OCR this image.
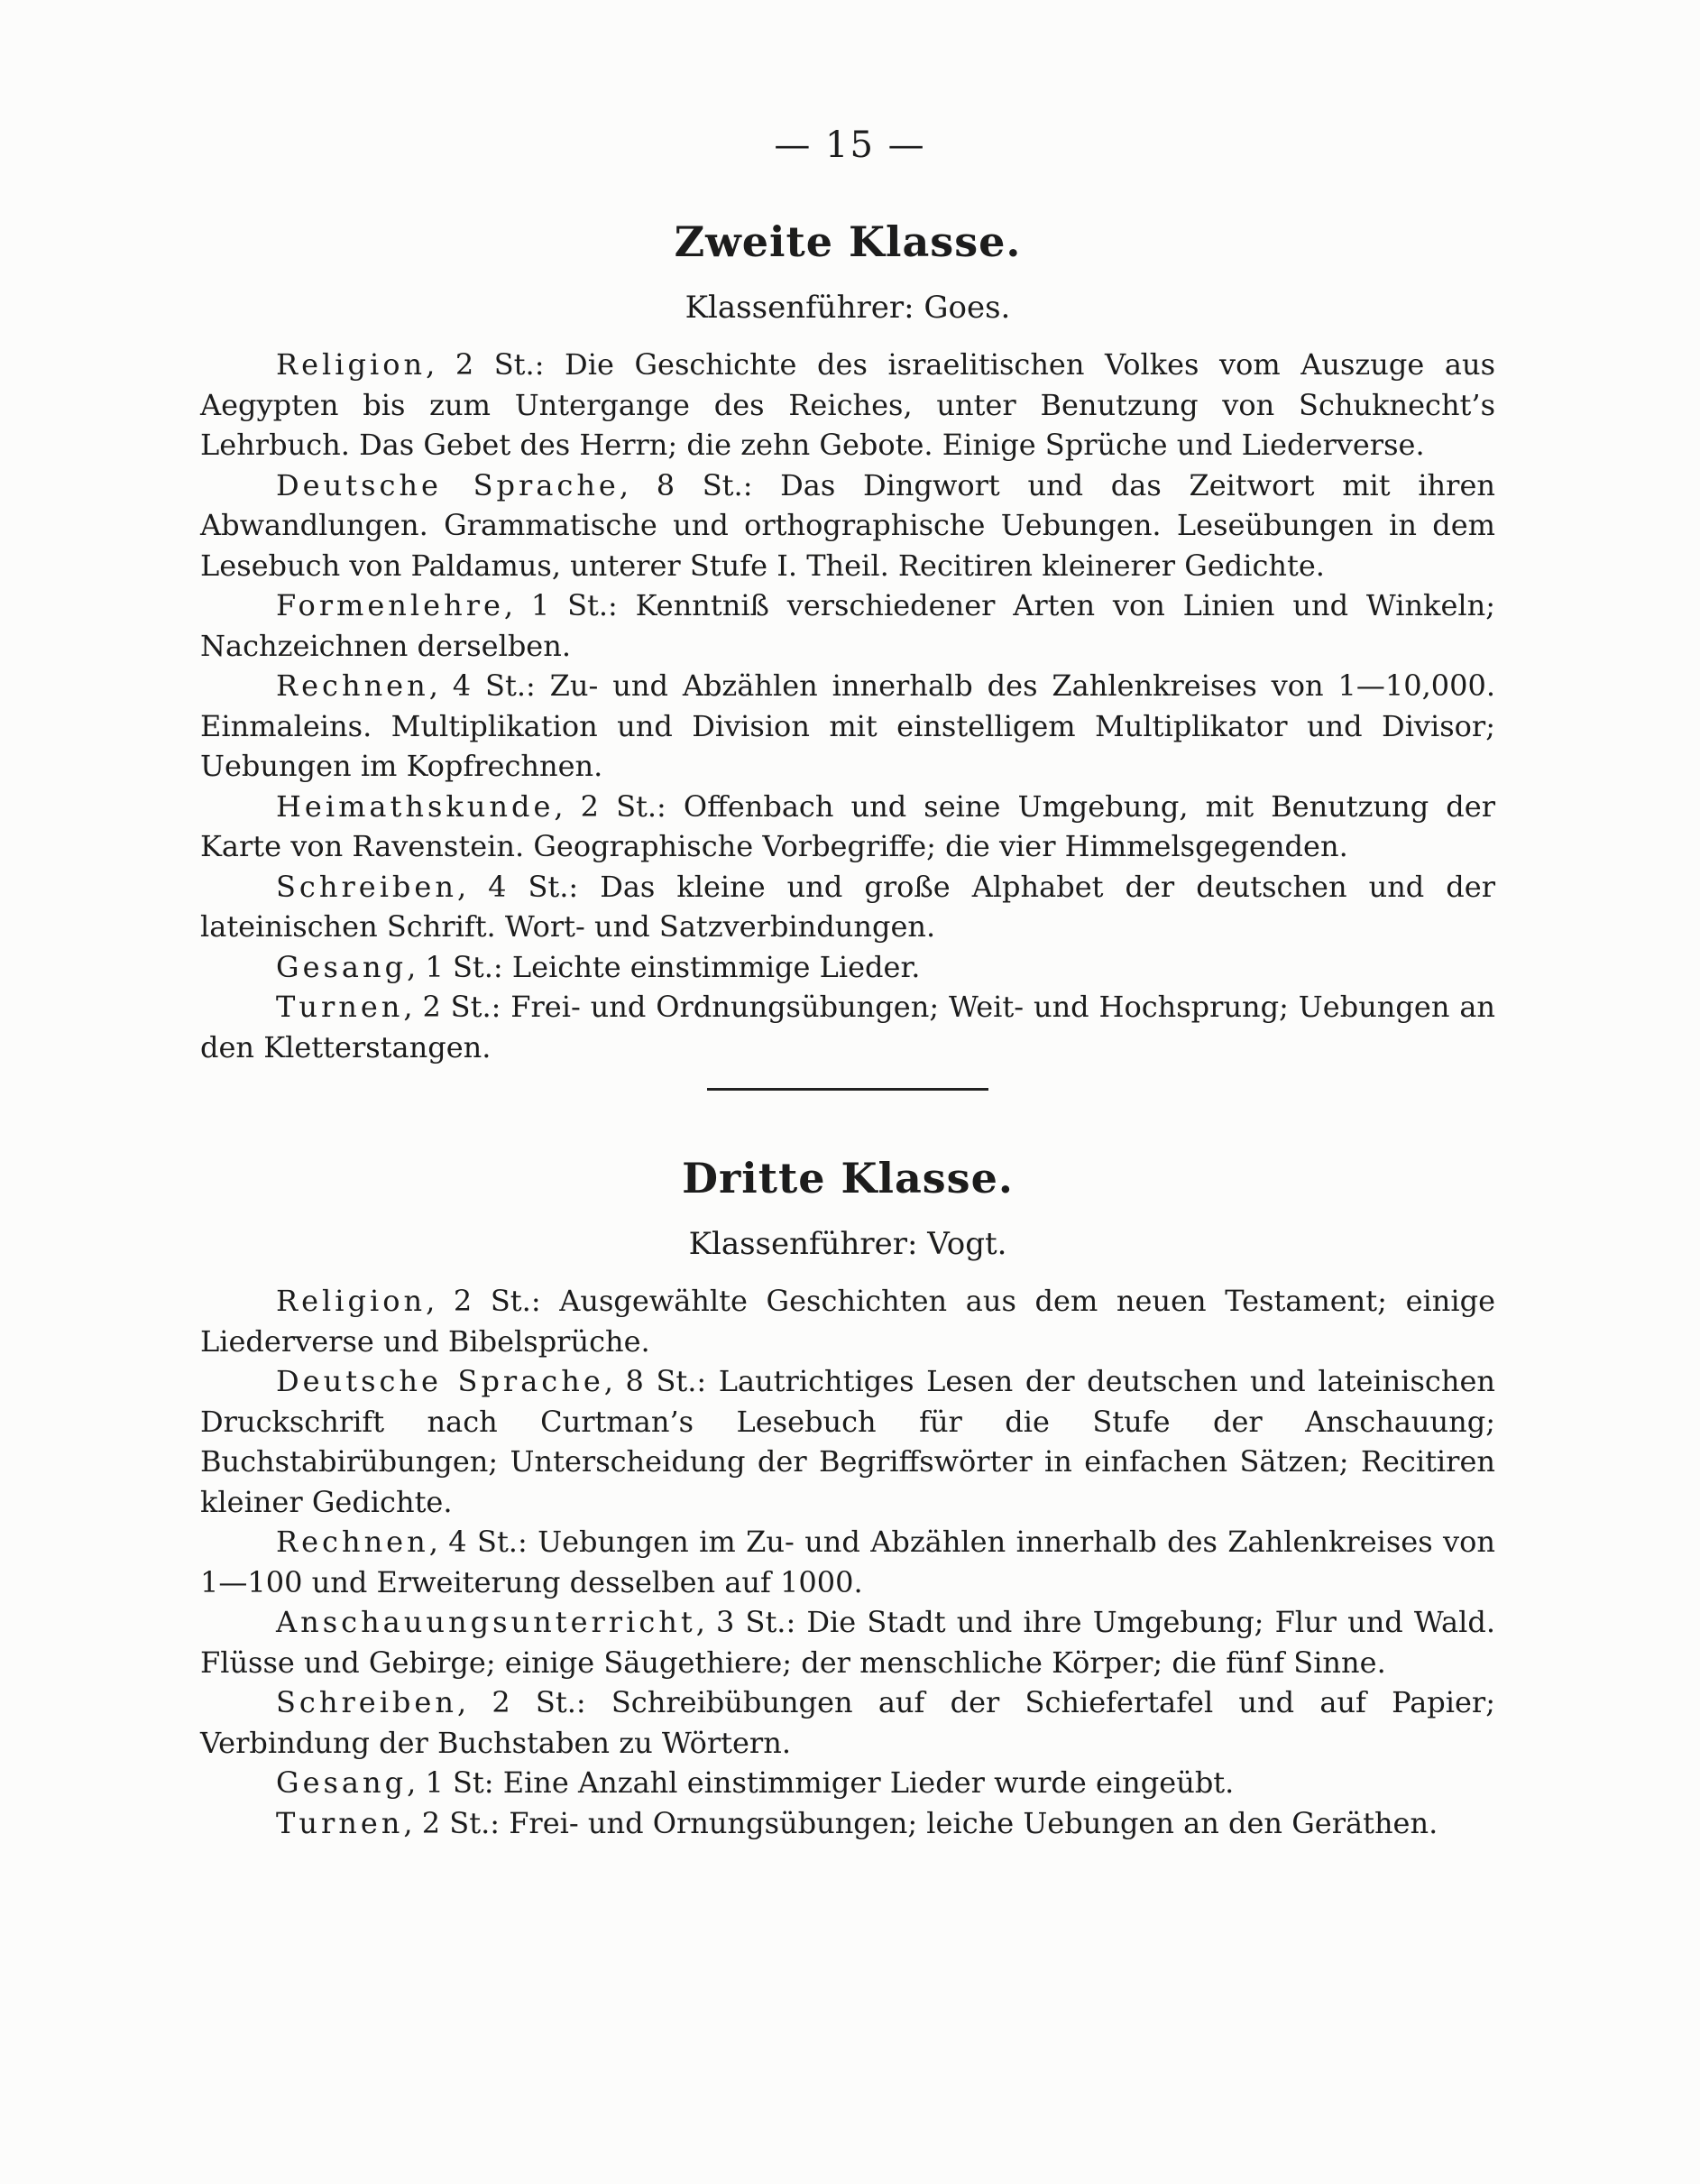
— 15 —
Zweite Klasse.
Klassenführer: Goes.

Religion, 2 St.: Die Geschichte des israelitischen Volkes vom Auszuge aus Aegypten bis zum Untergange des Reiches, unter Benutzung von Schuknecht’s Lehrbuch. Das Gebet des Herrn; die zehn Gebote. Einige Sprüche und Liederverse.

Deutsche Sprache, 8 St.: Das Dingwort und das Zeitwort mit ihren Abwandlungen. Grammatische und orthographische Uebungen. Leseübungen in dem Lesebuch von Paldamus, unterer Stufe I. Theil. Recitiren kleinerer Gedichte.

Formenlehre, 1 St.: Kenntniß verschiedener Arten von Linien und Winkeln; Nachzeichnen derselben.

Rechnen, 4 St.: Zu- und Abzählen innerhalb des Zahlenkreises von 1—10,000. Einmaleins. Multiplikation und Division mit einstelligem Multiplikator und Divisor; Uebungen im Kopfrechnen.

Heimathskunde, 2 St.: Offenbach und seine Umgebung, mit Benutzung der Karte von Ravenstein. Geographische Vorbegriffe; die vier Himmelsgegenden.

Schreiben, 4 St.: Das kleine und große Alphabet der deutschen und der lateinischen Schrift. Wort- und Satzverbindungen.

Gesang, 1 St.: Leichte einstimmige Lieder.

Turnen, 2 St.: Frei- und Ordnungsübungen; Weit- und Hochsprung; Uebungen an den Kletterstangen.

Dritte Klasse.
Klassenführer: Vogt.

Religion, 2 St.: Ausgewählte Geschichten aus dem neuen Testament; einige Liederverse und Bibelsprüche.

Deutsche Sprache, 8 St.: Lautrichtiges Lesen der deutschen und lateinischen Druckschrift nach Curtman’s Lesebuch für die Stufe der Anschauung; Buchstabirübungen; Unterscheidung der Begriffswörter in einfachen Sätzen; Recitiren kleiner Gedichte.

Rechnen, 4 St.: Uebungen im Zu- und Abzählen innerhalb des Zahlenkreises von 1—100 und Erweiterung desselben auf 1000.

Anschauungsunterricht, 3 St.: Die Stadt und ihre Umgebung; Flur und Wald. Flüsse und Gebirge; einige Säugethiere; der menschliche Körper; die fünf Sinne.

Schreiben, 2 St.: Schreibübungen auf der Schiefertafel und auf Papier; Verbindung der Buchstaben zu Wörtern.

Gesang, 1 St: Eine Anzahl einstimmiger Lieder wurde eingeübt.

Turnen, 2 St.: Frei- und Ornungsübungen; leiche Uebungen an den Geräthen.
